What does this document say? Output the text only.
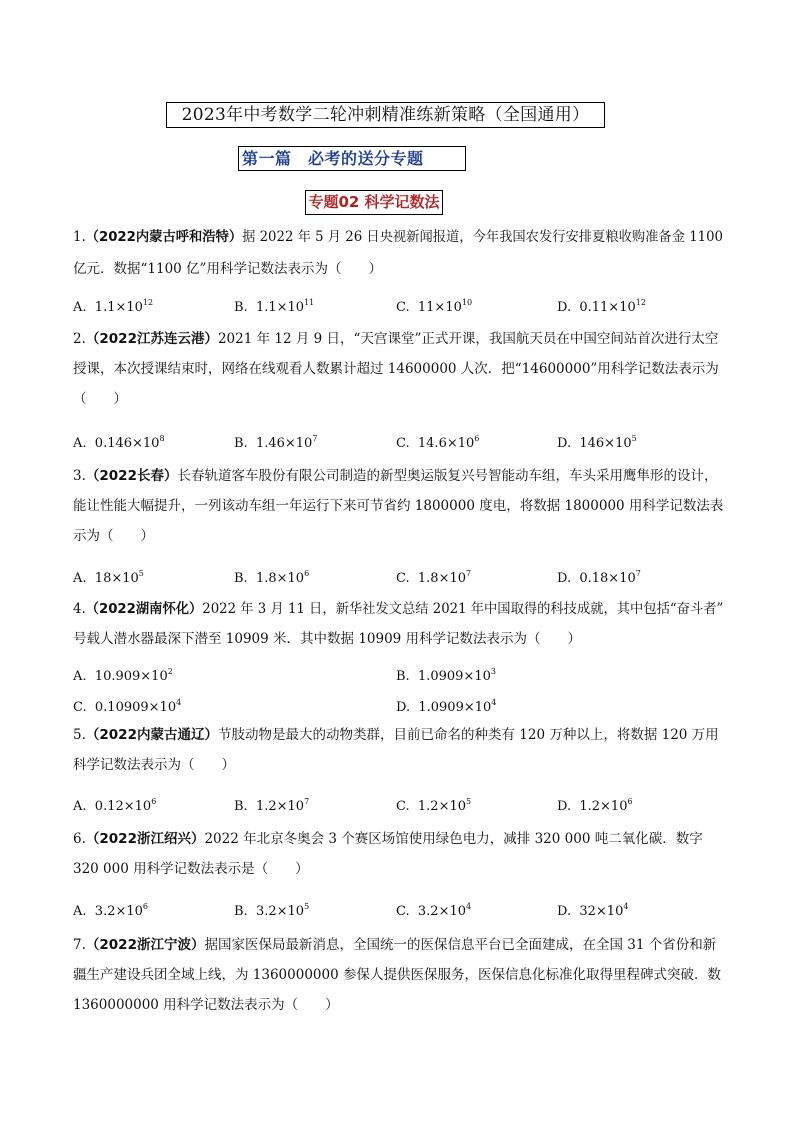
2023年中考数学二轮冲刺精准练新策略（全国通用）
第一篇　必考的送分专题
专题02 科学记数法
1.（2022内蒙古呼和浩特）据 2022 年 5 月 26 日央视新闻报道，今年我国农发行安排夏粮收购准备金 1100
亿元．数据“1100 亿”用科学记数法表示为（　　）
A. $1.1\times 10^{12}$	B. $1.1\times 10^{11}$	C. $11\times 10^{10}$	D. $0.11\times 10^{12}$
2.（2022江苏连云港）2021 年 12 月 9 日，“天宫课堂”正式开课，我国航天员在中国空间站首次进行太空
授课，本次授课结束时，网络在线观看人数累计超过 14600000 人次．把“14600000”用科学记数法表示为
（　　）
A. $0.146\times 10^8$	B. $1.46\times 10^7$	C. $14.6\times 10^6$	D. $146\times 10^5$
3.（2022长春）长春轨道客车股份有限公司制造的新型奥运版复兴号智能动车组，车头采用鹰隼形的设计，
能让性能大幅提升，一列该动车组一年运行下来可节省约 1800000 度电，将数据 1800000 用科学记数法表
示为（　　）
A. $18\times 10^5$	B. $1.8\times 10^6$	C. $1.8\times 10^7$	D. $0.18\times 10^7$
4.（2022湖南怀化）2022 年 3 月 11 日，新华社发文总结 2021 年中国取得的科技成就，其中包括“奋斗者”
号载人潜水器最深下潜至 10909 米．其中数据 10909 用科学记数法表示为（　　）
A. $10.909\times 10^2$	B. $1.0909\times 10^3$
C. $0.10909\times 10^4$	D. $1.0909\times 10^4$
5.（2022内蒙古通辽）节肢动物是最大的动物类群，目前已命名的种类有 120 万种以上，将数据 120 万用
科学记数法表示为（　　）
A. $0.12\times 10^6$	B. $1.2\times 10^7$	C. $1.2\times 10^5$	D. $1.2\times 10^6$
6.（2022浙江绍兴）2022 年北京冬奥会 3 个赛区场馆使用绿色电力，减排 320 000 吨二氧化碳．数字
320 000 用科学记数法表示是（　　）
A. $3.2\times 10^6$	B. $3.2\times 10^5$	C. $3.2\times 10^4$	D. $32\times 10^4$
7.（2022浙江宁波）据国家医保局最新消息，全国统一的医保信息平台已全面建成，在全国 31 个省份和新
疆生产建设兵团全域上线，为 1360000000 参保人提供医保服务，医保信息化标准化取得里程碑式突破．数
1360000000 用科学记数法表示为（　　）
